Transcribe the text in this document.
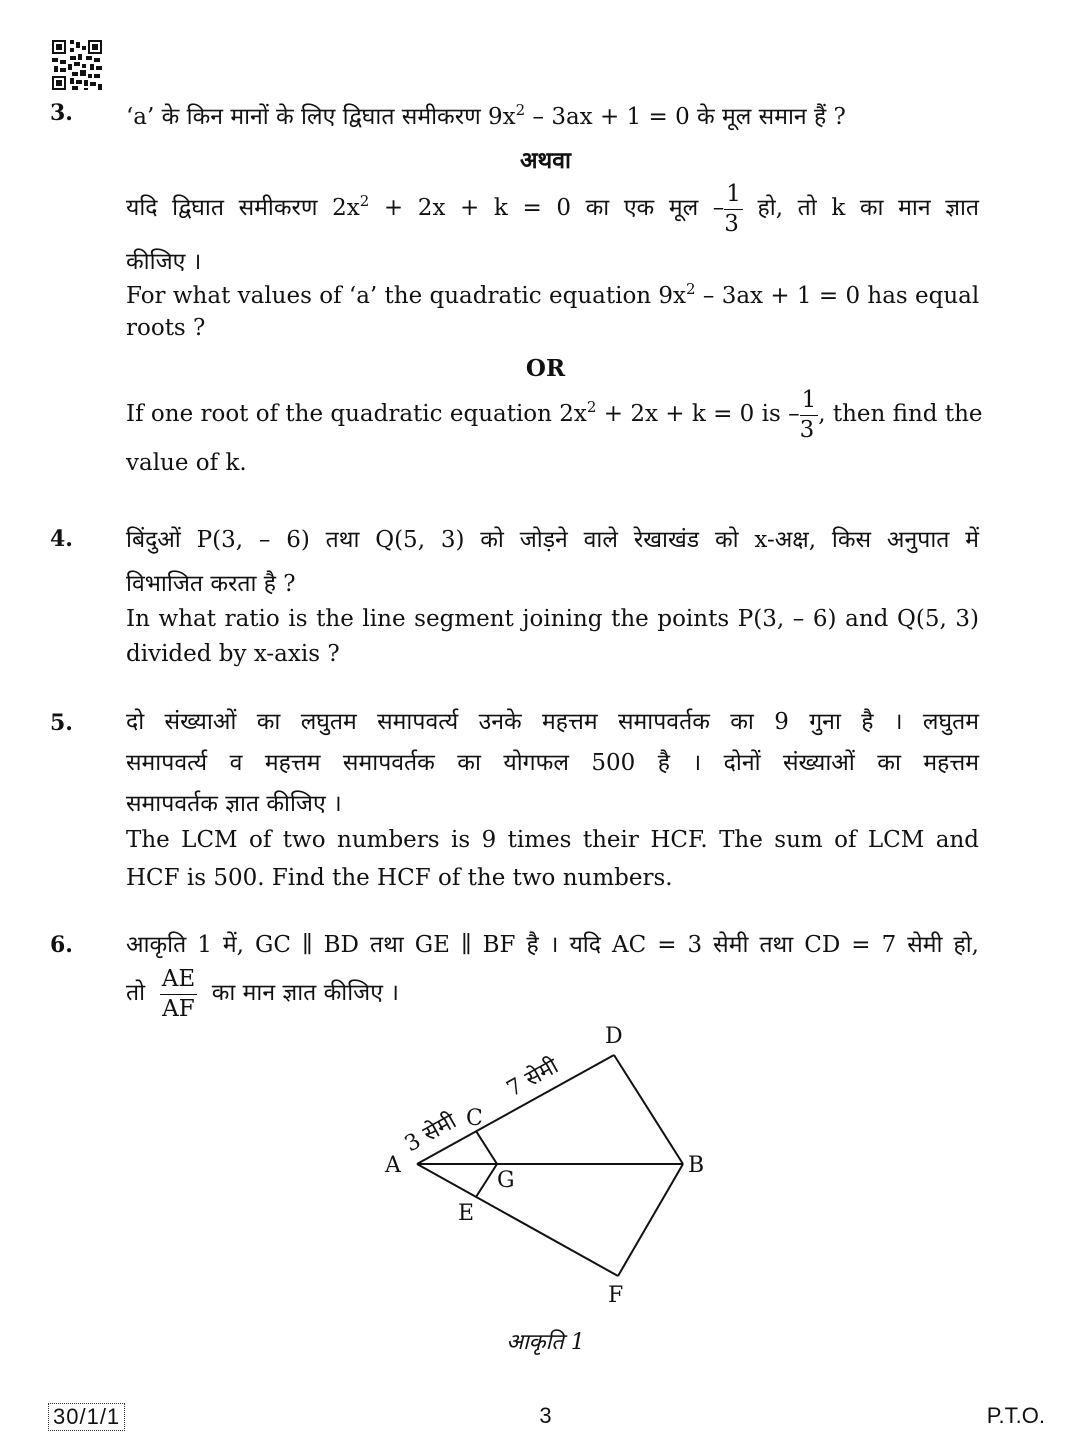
3. ‘a’ के किन मानों के लिए द्विघात समीकरण $9x^2 - 3ax + 1 = 0$ के मूल समान हैं ?
अथवा
यदि द्विघात समीकरण $2x^2 + 2x + k = 0$ का एक मूल – $\frac{1}{3}$ हो, तो k का मान ज्ञात
कीजिए ।
For what values of ‘a’ the quadratic equation $9x^2 - 3ax + 1 = 0$ has equal
roots ?
OR
If one root of the quadratic equation $2x^2 + 2x + k = 0$ is – $\frac{1}{3}$ , then find the
value of k.
4. बिंदुओं P(3, – 6) तथा Q(5, 3) को जोड़ने वाले रेखाखंड को x-अक्ष, किस अनुपात में
विभाजित करता है ?
In what ratio is the line segment joining the points P(3, – 6) and Q(5, 3)
divided by x-axis ?
5. दो संख्याओं का लघुतम समापवर्त्य उनके महत्तम समापवर्तक का 9 गुना है । लघुतम
समापवर्त्य व महत्तम समापवर्तक का योगफल 500 है । दोनों संख्याओं का महत्तम
समापवर्तक ज्ञात कीजिए ।
The LCM of two numbers is 9 times their HCF. The sum of LCM and
HCF is 500. Find the HCF of the two numbers.
6. आकृति 1 में, GC ∥ BD तथा GE ∥ BF है । यदि AC = 3 सेमी तथा CD = 7 सेमी हो,
तो $\frac{AE}{AF}$ का मान ज्ञात कीजिए ।
A	B
C
D
E
F
G
3 सेमी
7 सेमी
आकृति 1
30/1/1	3	P.T.O.
